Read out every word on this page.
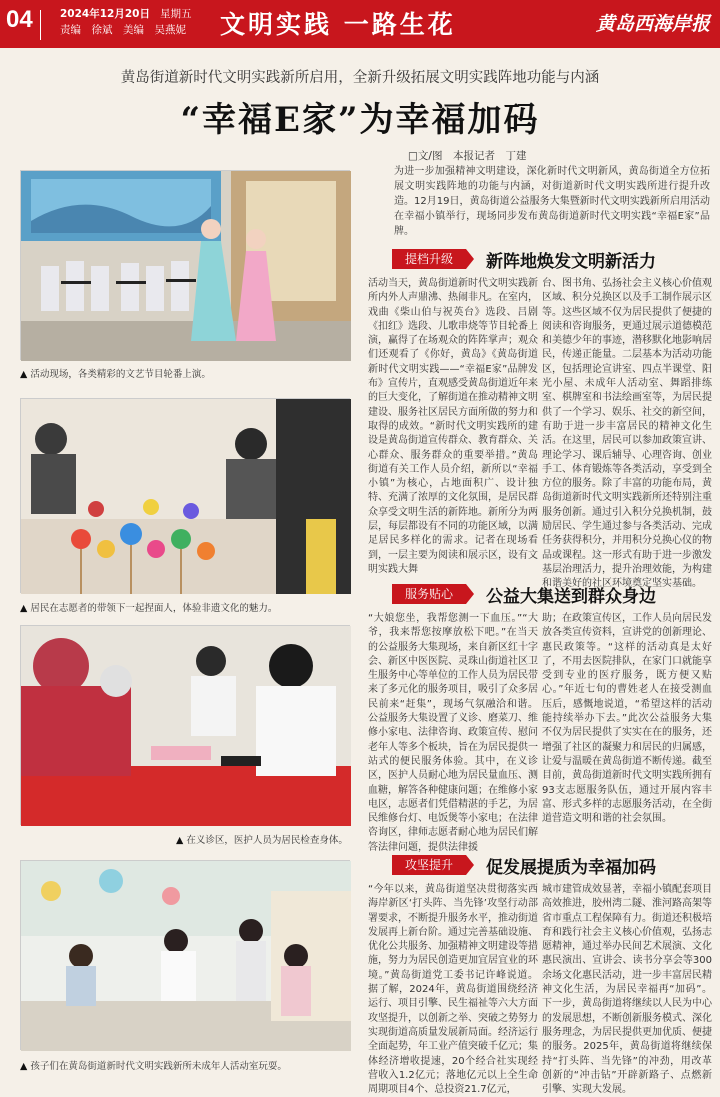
04	2024年12月20日 星期五
责编　徐斌　美编　吴燕妮 文明实践 一路生花	黄岛西海岸报
黄岛街道新时代文明实践新所启用，全新升级拓展文明实践阵地功能与内涵
“幸福E家”为幸福加码
□文/图　本报记者　丁建
为进一步加强精神文明建设，深化新时代文明新风，黄岛街道全方位拓展文明实践阵地的功能与内涵，对街道新时代文明实践所进行提升改造。12月19日，黄岛街道公益服务大集暨新时代文明实践新所启用活动在幸福小镇举行，现场同步发布黄岛街道新时代文明实践“幸福E家”品牌。
▲ 活动现场，各类精彩的文艺节目轮番上演。
▲ 居民在志愿者的带领下一起捏面人，体验非遗文化的魅力。
▲ 在义诊区，医护人员为居民检查身体。
▲ 孩子们在黄岛街道新时代文明实践新所未成年人活动室玩耍。
提档升级	新阵地焕发文明新活力
活动当天，黄岛街道新时代文明实践新所内外人声鼎沸、热闹非凡。在室内，戏曲《柴山伯与祝英台》选段、吕剧《扣红》选段、儿歌串烧等节目轮番上演，赢得了在场观众的阵阵掌声；观众们还观看了《你好，黄岛》《黄岛街道新时代文明实践——“幸福E家”品牌发布》宣传片，直观感受黄岛街道近年来的巨大变化，了解街道在推动精神文明建设、服务社区居民方面所做的努力和取得的成效。“新时代文明实践所的建设是黄岛街道宣传群众、教育群众、关心群众、服务群众的重要举措。”黄岛街道有关工作人员介绍，新所以“幸福小镇”为核心，占地面积广、设计独特、充满了浓厚的文化氛围，是居民群众享受文明生活的新阵地。新所分为两层，每层都设有不同的功能区域，以满足居民多样化的需求。记者在现场看到，一层主要为阅读和展示区，设有文明实践大舞
台、图书角、弘扬社会主义核心价值观区域、积分兑换区以及手工制作展示区等。这些区域不仅为居民提供了便捷的阅读和咨询服务，更通过展示道德模范和美德少年的事迹，潜移默化地影响居民，传递正能量。二层基本为活动功能区，包括理论宣讲室、四点半课堂、阳光小屋、未成年人活动室、舞蹈排练室、棋牌室和书法绘画室等，为居民提供了一个学习、娱乐、社交的新空间，有助于进一步丰富居民的精神文化生活。在这里，居民可以参加政策宣讲、理论学习、课后辅导、心理咨询、创业手工、体育锻炼等各类活动，享受到全方位的服务。除了丰富的功能布局，黄岛街道新时代文明实践新所还特别注重服务创新。通过引入积分兑换机制，鼓励居民、学生通过参与各类活动、完成任务获得积分，并用积分兑换心仪的物品或课程。这一形式有助于进一步激发基层治理活力，提升治理效能，为构建和谐美好的社区环境奠定坚实基础。
服务贴心	公益大集送到群众身边
“大娘您坐，我帮您测一下血压。”“大爷，我来帮您按摩放松下吧。”在当天的公益服务大集现场，来自新区红十字会、新区中医医院、灵珠山街道社区卫生服务中心等单位的工作人员为居民带来了多元化的服务项目，吸引了众多居民前来“赶集”，现场气氛融洽和谐。公益服务大集设置了义诊、磨菜刀、维修小家电、法律咨询、政策宣传、慰问老年人等多个板块，旨在为居民提供一站式的便民服务体验。其中，在义诊区，医护人员耐心地为居民量血压、测血糖，解答各种健康问题；在维修小家电区，志愿者们凭借精湛的手艺，为居民维修台灯、电饭煲等小家电；在法律咨询区，律师志愿者耐心地为居民们解答法律问题，提供法律援
助；在政策宣传区，工作人员向居民发放各类宣传资料，宣讲党的创新理论、惠民政策等。“这样的活动真是太好了，不用去医院排队，在家门口就能享受到专业的医疗服务，既方便又贴心。”年近七旬的曹姓老人在接受测血压后，感慨地说道，“希望这样的活动能持续举办下去。”此次公益服务大集不仅为居民提供了实实在在的服务，还增强了社区的凝聚力和居民的归属感，让爱与温暖在黄岛街道不断传递。截至目前，黄岛街道新时代文明实践所拥有93支志愿服务队伍，通过开展内容丰富、形式多样的志愿服务活动，在全街道营造文明和谐的社会氛围。
攻坚提升	促发展提质为幸福加码
“今年以来，黄岛街道坚决贯彻落实西海岸新区‘打头阵、当先锋’攻坚行动部署要求，不断提升服务水平，推动街道发展再上新台阶。通过完善基础设施、优化公共服务、加强精神文明建设等措施，努力为居民创造更加宜居宜业的环境。”黄岛街道党工委书记许峰说道。据了解，2024年，黄岛街道围绕经济运行、项目引擎、民生福祉等六大方面攻坚提升，以创新之举、突破之势努力实现街道高质量发展新局面。经济运行全面起势，年工业产值突破千亿元；集体经济增收提速，20个经合社实现经营收入1.2亿元；落地亿元以上全生命周期项目4个、总投资21.7亿元，
城市建管成效显著，幸福小镇配套项目高效推进，胶州湾二隧、淮河路高架等省市重点工程保障有力。街道还积极培育和践行社会主义核心价值观，弘扬志愿精神，通过举办民间艺术展演、文化惠民演出、宣讲会、读书分享会等300余场文化惠民活动，进一步丰富居民精神文化生活，为居民幸福再“加码”。下一步，黄岛街道将继续以人民为中心的发展思想，不断创新服务模式、深化服务理念，为居民提供更加优质、便捷的服务。2025年，黄岛街道将继续保持“打头阵、当先锋”的冲劲，用改革创新的“冲击钻”开辟新路子、点燃新引擎、实现大发展。
